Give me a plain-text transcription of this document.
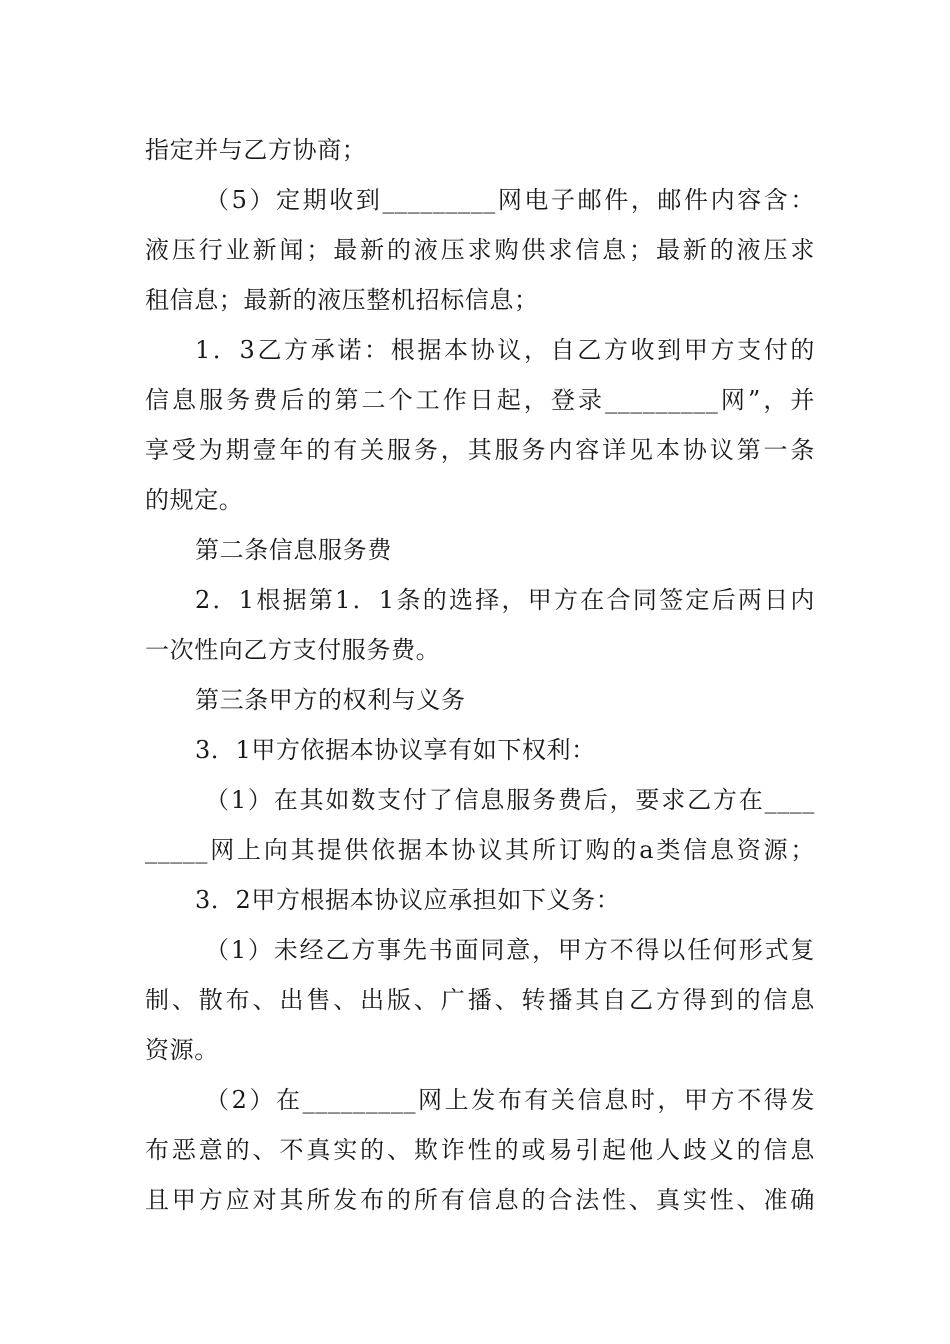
指定并与乙方协商；
（5）定期收到_________网电子邮件，邮件内容含：
液压行业新闻；最新的液压求购供求信息；最新的液压求
租信息；最新的液压整机招标信息；
1．3乙方承诺：根据本协议，自乙方收到甲方支付的
信息服务费后的第二个工作日起，登录_________网”，并
享受为期壹年的有关服务，其服务内容详见本协议第一条
的规定。
第二条信息服务费
2．1根据第1．1条的选择，甲方在合同签定后两日内
一次性向乙方支付服务费。
第三条甲方的权利与义务
3．1甲方依据本协议享有如下权利：
（1）在其如数支付了信息服务费后，要求乙方在____
_____网上向其提供依据本协议其所订购的a类信息资源；
3．2甲方根据本协议应承担如下义务：
（1）未经乙方事先书面同意，甲方不得以任何形式复
制、散布、出售、出版、广播、转播其自乙方得到的信息
资源。
（2）在_________网上发布有关信息时，甲方不得发
布恶意的、不真实的、欺诈性的或易引起他人歧义的信息
且甲方应对其所发布的所有信息的合法性、真实性、准确
